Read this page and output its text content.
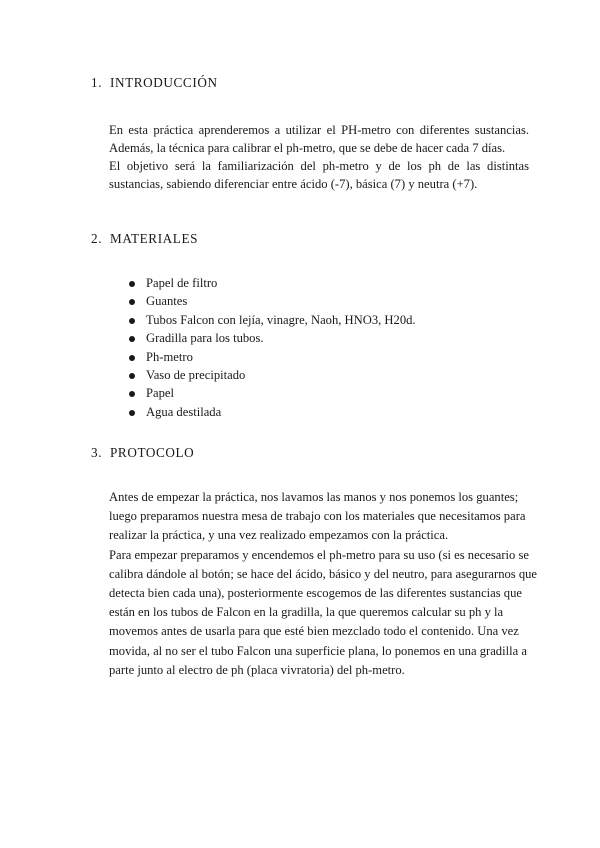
1. INTRODUCCIÓN

En esta práctica aprenderemos a utilizar el PH-metro con diferentes sustancias. Además, la técnica para calibrar el ph-metro, que se debe de hacer cada 7 días.

El objetivo será la familiarización del ph-metro y de los ph de las distintas sustancias, sabiendo diferenciar entre ácido (-7), básica (7) y neutra (+7).

2. MATERIALES
Papel de filtro
Guantes
Tubos Falcon con lejía, vinagre, Naoh, HNO3, H20d.
Gradilla para los tubos.
Ph-metro
Vaso de precipitado
Papel
Agua destilada
3. PROTOCOLO

Antes de empezar la práctica, nos lavamos las manos y nos ponemos los guantes; luego preparamos nuestra mesa de trabajo con los materiales que necesitamos para realizar la práctica, y una vez realizado empezamos con la práctica.

Para empezar preparamos y encendemos el ph-metro para su uso (si es necesario se calibra dándole al botón; se hace del ácido, básico y del neutro, para asegurarnos que detecta bien cada una), posteriormente escogemos de las diferentes sustancias que están en los tubos de Falcon en la gradilla, la que queremos calcular su ph y la movemos antes de usarla para que esté bien mezclado todo el contenido. Una vez movida, al no ser el tubo Falcon una superficie plana, lo ponemos en una gradilla a parte junto al electro de ph (placa vivratoria) del ph-metro.
